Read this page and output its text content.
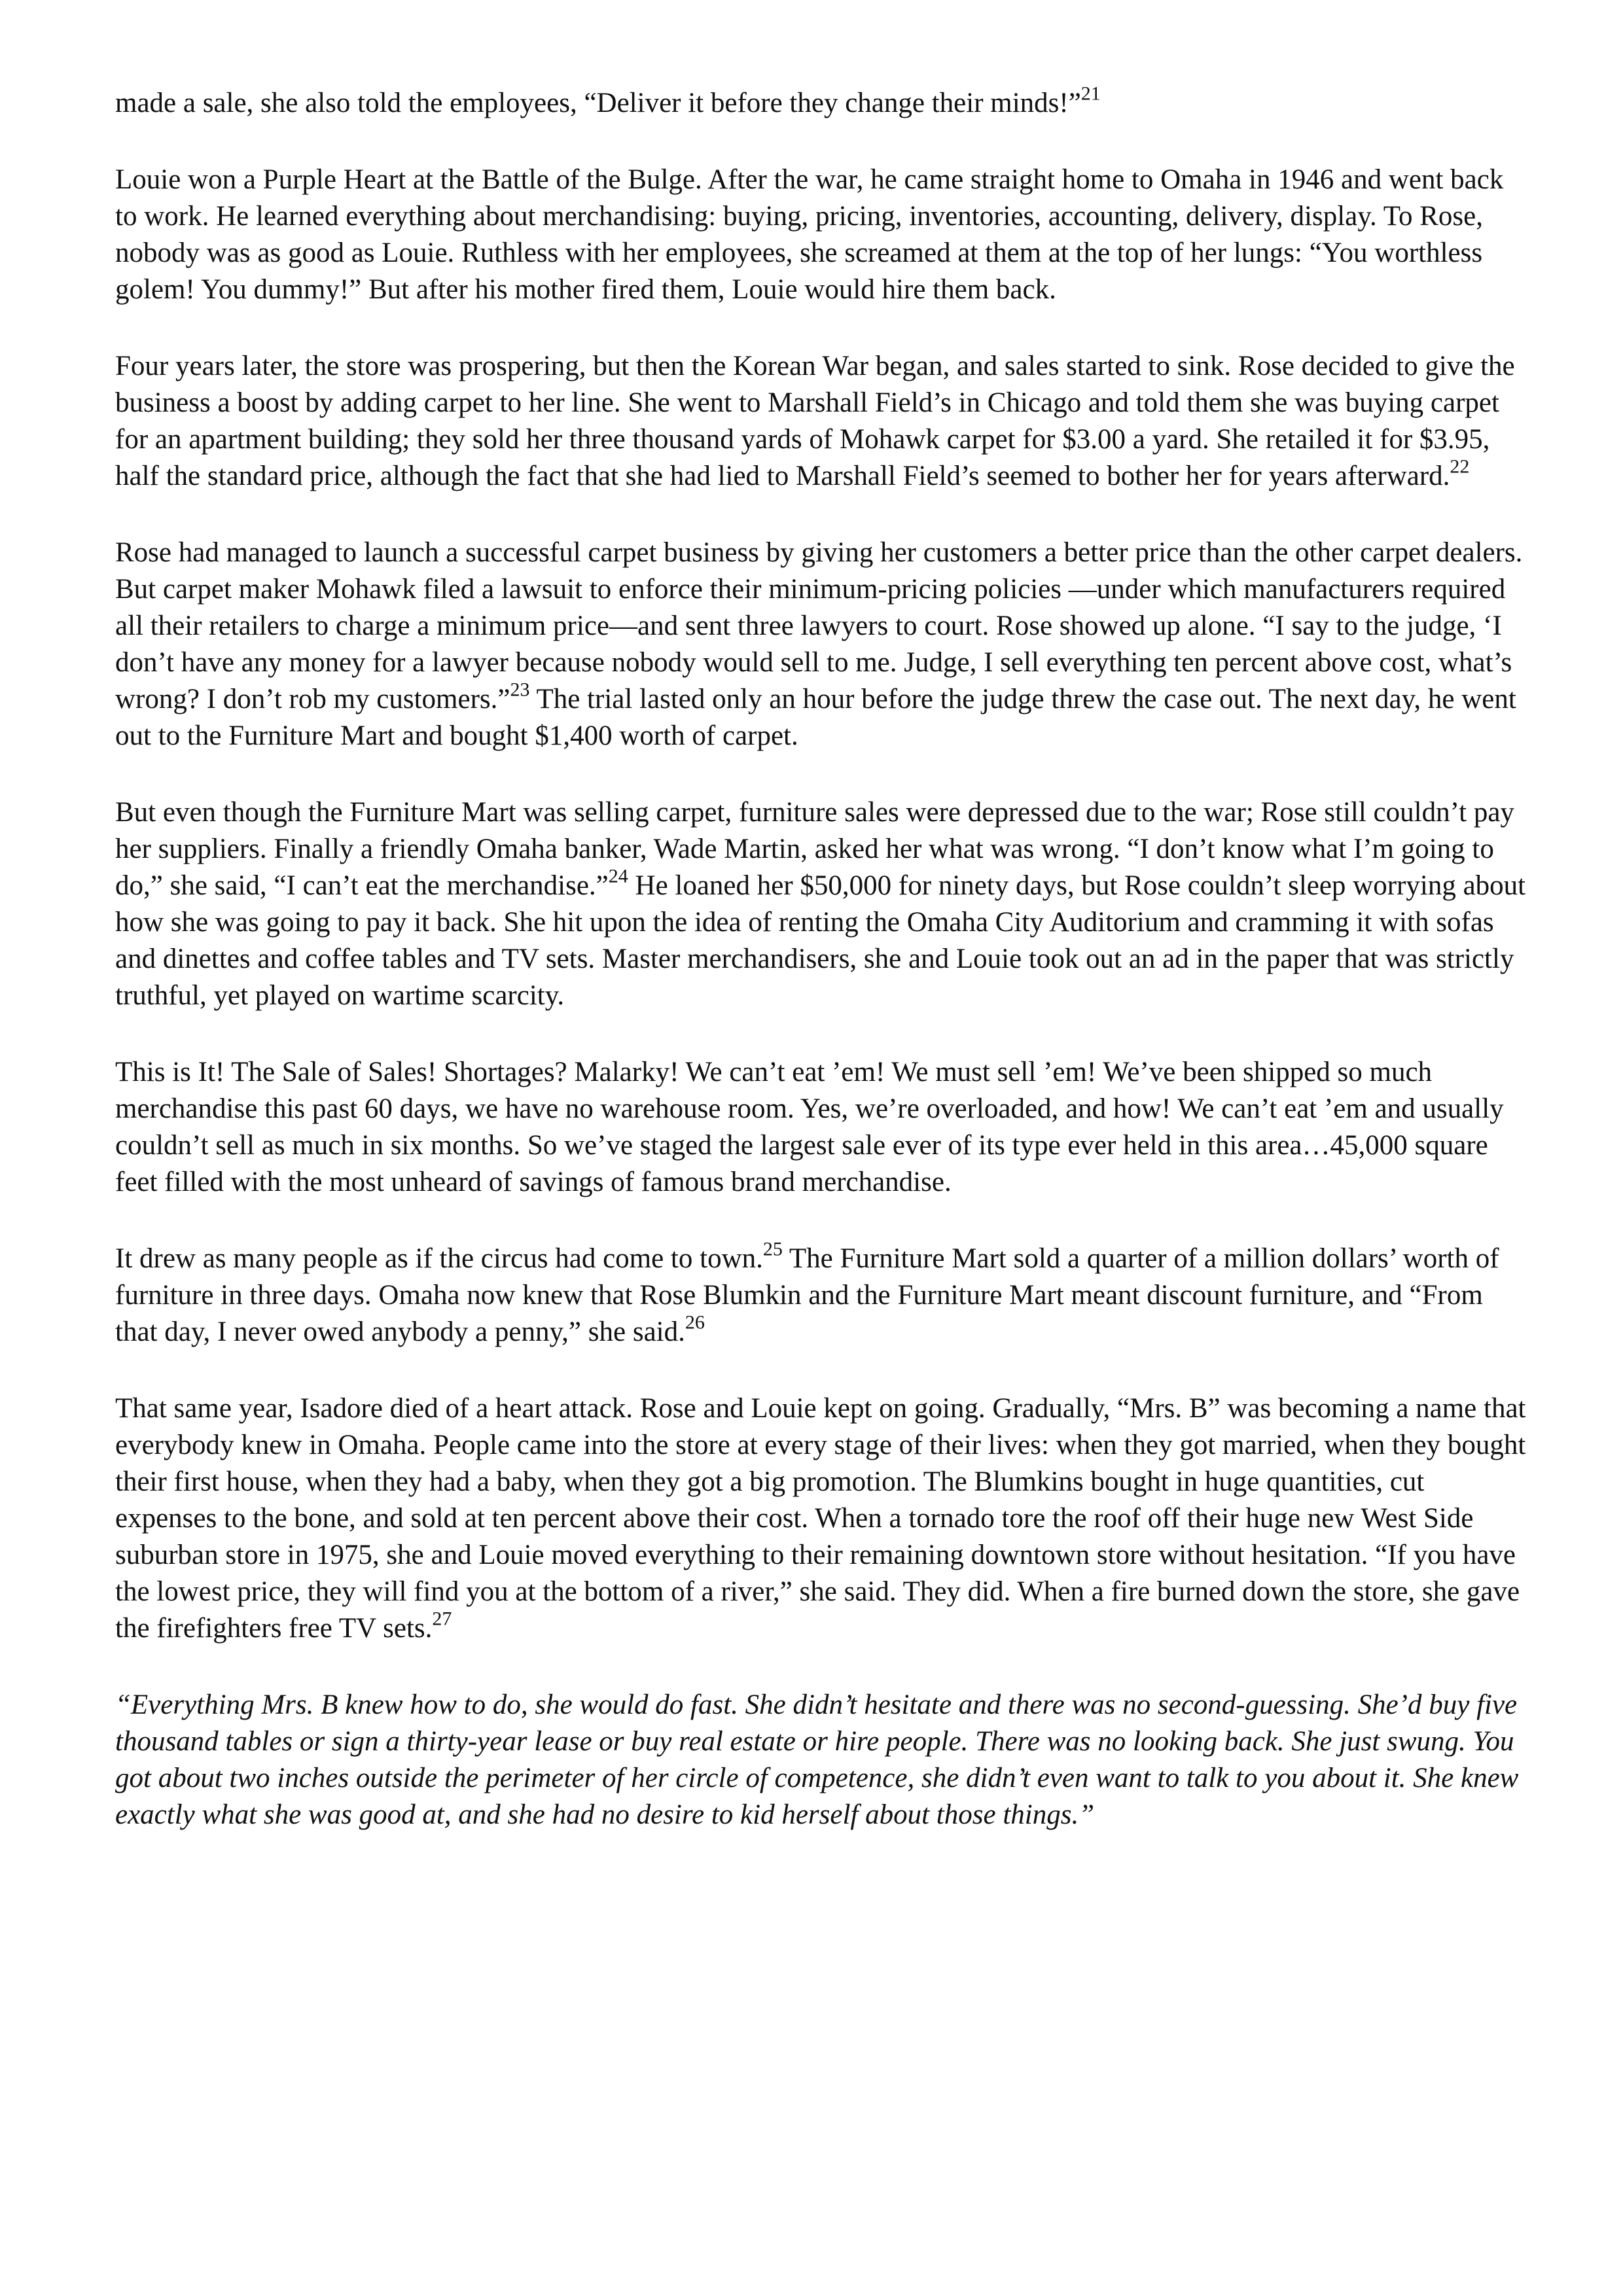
made a sale, she also told the employees, “Deliver it before they change their minds!”$^{21}$

Louie won a Purple Heart at the Battle of the Bulge. After the war, he came straight home to Omaha in 1946 and went back to work. He learned everything about merchandising: buying, pricing, inventories, accounting, delivery, display. To Rose, nobody was as good as Louie. Ruthless with her employees, she screamed at them at the top of her lungs: “You worthless golem! You dummy!” But after his mother fired them, Louie would hire them back.

Four years later, the store was prospering, but then the Korean War began, and sales started to sink. Rose decided to give the business a boost by adding carpet to her line. She went to Marshall Field’s in Chicago and told them she was buying carpet for an apartment building; they sold her three thousand yards of Mohawk carpet for $3.00 a yard. She retailed it for $3.95, half the standard price, although the fact that she had lied to Marshall Field’s seemed to bother her for years afterward.$^{22}$

Rose had managed to launch a successful carpet business by giving her customers a better price than the other carpet dealers. But carpet maker Mohawk filed a lawsuit to enforce their minimum-pricing policies —under which manufacturers required all their retailers to charge a minimum price—and sent three lawyers to court. Rose showed up alone. “I say to the judge, ‘I don’t have any money for a lawyer because nobody would sell to me. Judge, I sell everything ten percent above cost, what’s wrong? I don’t rob my customers.”$^{23}$ The trial lasted only an hour before the judge threw the case out. The next day, he went out to the Furniture Mart and bought $1,400 worth of carpet.

But even though the Furniture Mart was selling carpet, furniture sales were depressed due to the war; Rose still couldn’t pay her suppliers. Finally a friendly Omaha banker, Wade Martin, asked her what was wrong. “I don’t know what I’m going to do,” she said, “I can’t eat the merchandise.”$^{24}$ He loaned her $50,000 for ninety days, but Rose couldn’t sleep worrying about how she was going to pay it back. She hit upon the idea of renting the Omaha City Auditorium and cramming it with sofas and dinettes and coffee tables and TV sets. Master merchandisers, she and Louie took out an ad in the paper that was strictly truthful, yet played on wartime scarcity.

This is It! The Sale of Sales! Shortages? Malarky! We can’t eat ’em! We must sell ’em! We’ve been shipped so much merchandise this past 60 days, we have no warehouse room. Yes, we’re overloaded, and how! We can’t eat ’em and usually couldn’t sell as much in six months. So we’ve staged the largest sale ever of its type ever held in this area…45,000 square feet filled with the most unheard of savings of famous brand merchandise.

It drew as many people as if the circus had come to town.$^{25}$ The Furniture Mart sold a quarter of a million dollars’ worth of furniture in three days. Omaha now knew that Rose Blumkin and the Furniture Mart meant discount furniture, and “From that day, I never owed anybody a penny,” she said.$^{26}$

That same year, Isadore died of a heart attack. Rose and Louie kept on going. Gradually, “Mrs. B” was becoming a name that everybody knew in Omaha. People came into the store at every stage of their lives: when they got married, when they bought their first house, when they had a baby, when they got a big promotion. The Blumkins bought in huge quantities, cut expenses to the bone, and sold at ten percent above their cost. When a tornado tore the roof off their huge new West Side suburban store in 1975, she and Louie moved everything to their remaining downtown store without hesitation. “If you have the lowest price, they will find you at the bottom of a river,” she said. They did. When a fire burned down the store, she gave the firefighters free TV sets.$^{27}$

“Everything Mrs. B knew how to do, she would do fast. She didn’t hesitate and there was no second-guessing. She’d buy five thousand tables or sign a thirty-year lease or buy real estate or hire people. There was no looking back. She just swung. You got about two inches outside the perimeter of her circle of competence, she didn’t even want to talk to you about it. She knew exactly what she was good at, and she had no desire to kid herself about those things.”
